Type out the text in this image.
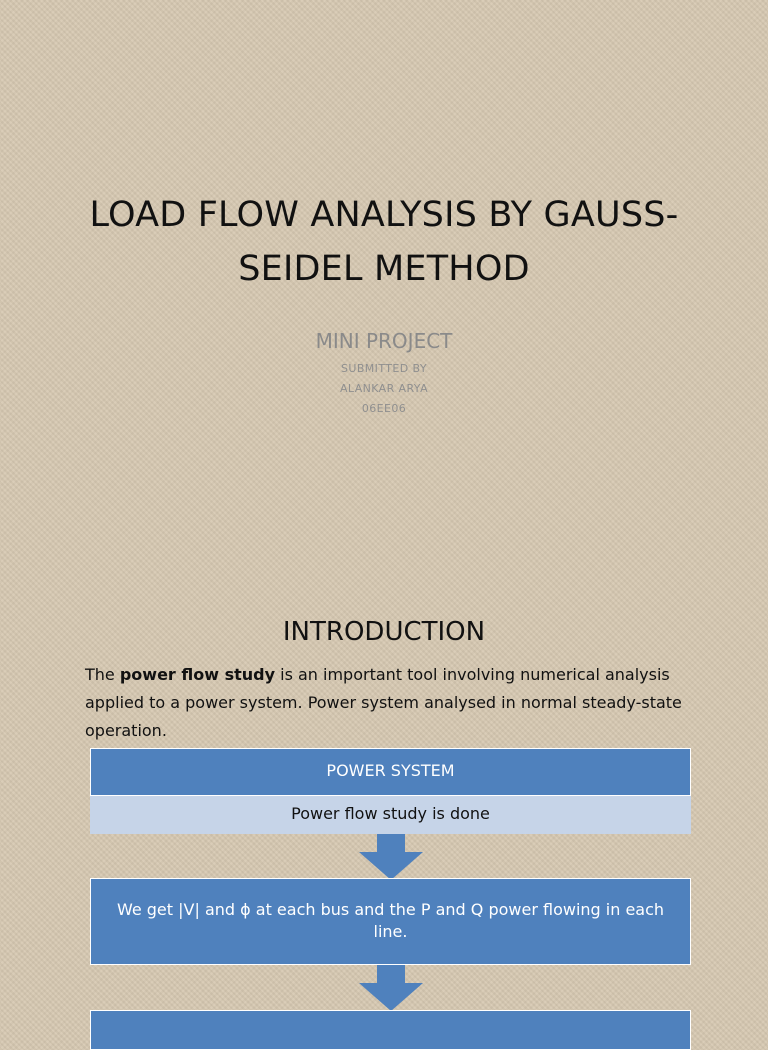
LOAD FLOW ANALYSIS BY GAUSS-
SEIDEL METHOD
MINI PROJECT
SUBMITTED BY
ALANKAR ARYA
06EE06
INTRODUCTION
The power flow study is an important tool involving numerical analysis applied to a power system. Power system analysed in normal steady-state operation.
POWER SYSTEM
Power flow study is done
We get |V| and ϕ at each bus and the P and Q power flowing in each line.
